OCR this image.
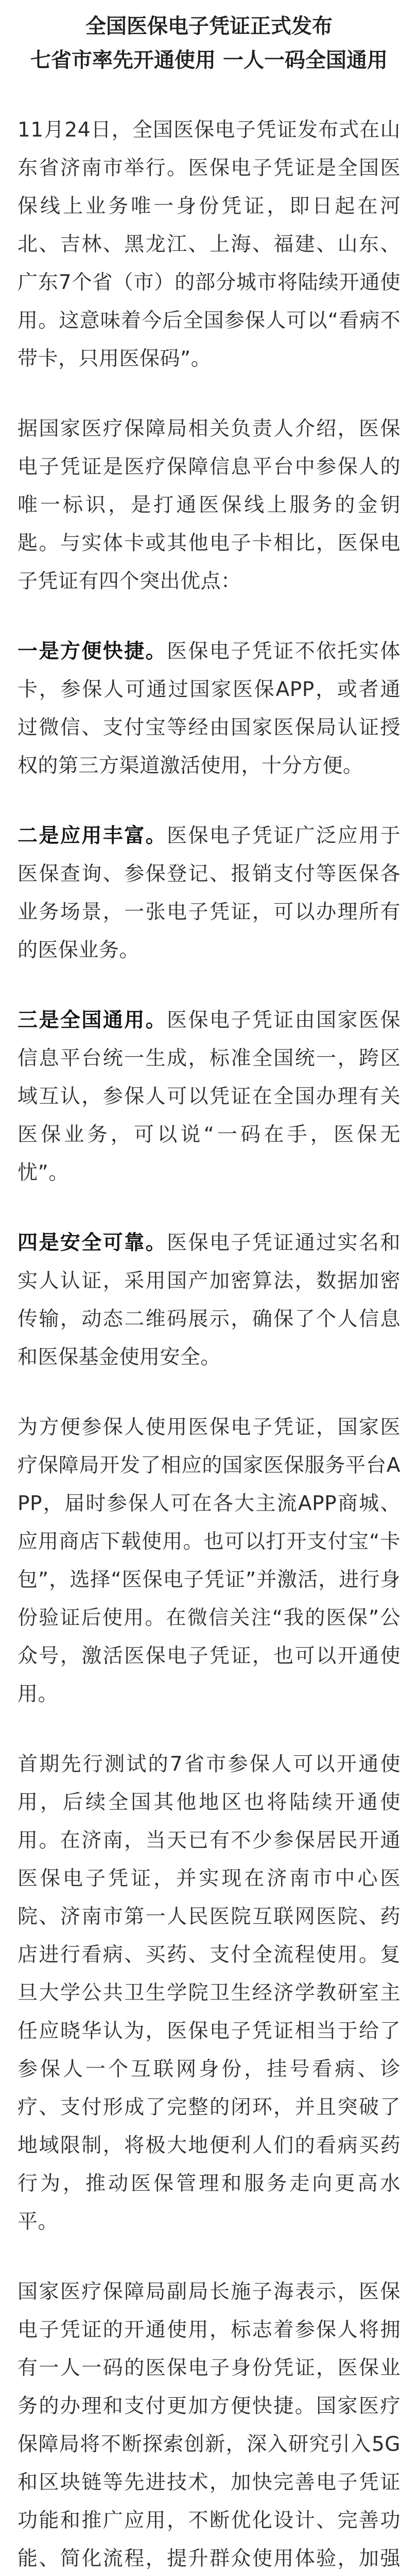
全国医保电子凭证正式发布
七省市率先开通使用 一人一码全国通用

11月24日，全国医保电子凭证发布式在山东省济南市举行。医保电子凭证是全国医保线上业务唯一身份凭证，即日起在河北、吉林、黑龙江、上海、福建、山东、广东7个省（市）的部分城市将陆续开通使用。这意味着今后全国参保人可以“看病不带卡，只用医保码”。

据国家医疗保障局相关负责人介绍，医保电子凭证是医疗保障信息平台中参保人的唯一标识，是打通医保线上服务的金钥匙。与实体卡或其他电子卡相比，医保电子凭证有四个突出优点：

一是方便快捷。医保电子凭证不依托实体卡，参保人可通过国家医保APP，或者通过微信、支付宝等经由国家医保局认证授权的第三方渠道激活使用，十分方便。

二是应用丰富。医保电子凭证广泛应用于医保查询、参保登记、报销支付等医保各业务场景，一张电子凭证，可以办理所有的医保业务。

三是全国通用。医保电子凭证由国家医保信息平台统一生成，标准全国统一，跨区域互认，参保人可以凭证在全国办理有关医保业务，可以说“一码在手，医保无忧”。

四是安全可靠。医保电子凭证通过实名和实人认证，采用国产加密算法，数据加密传输，动态二维码展示，确保了个人信息和医保基金使用安全。

为方便参保人使用医保电子凭证，国家医疗保障局开发了相应的国家医保服务平台APP，届时参保人可在各大主流APP商城、应用商店下载使用。也可以打开支付宝“卡包”，选择“医保电子凭证”并激活，进行身份验证后使用。在微信关注“我的医保”公众号，激活医保电子凭证，也可以开通使用。

首期先行测试的7省市参保人可以开通使用，后续全国其他地区也将陆续开通使用。在济南，当天已有不少参保居民开通医保电子凭证，并实现在济南市中心医院、济南市第一人民医院互联网医院、药店进行看病、买药、支付全流程使用。复旦大学公共卫生学院卫生经济学教研室主任应晓华认为，医保电子凭证相当于给了参保人一个互联网身份，挂号看病、诊疗、支付形成了完整的闭环，并且突破了地域限制，将极大地便利人们的看病买药行为，推动医保管理和服务走向更高水平。

国家医疗保障局副局长施子海表示，医保电子凭证的开通使用，标志着参保人将拥有一人一码的医保电子身份凭证，医保业务的办理和支付更加方便快捷。国家医疗保障局将不断探索创新，深入研究引入5G和区块链等先进技术，加快完善电子凭证功能和推广应用，不断优化设计、完善功能、简化流程，提升群众使用体验，加强
